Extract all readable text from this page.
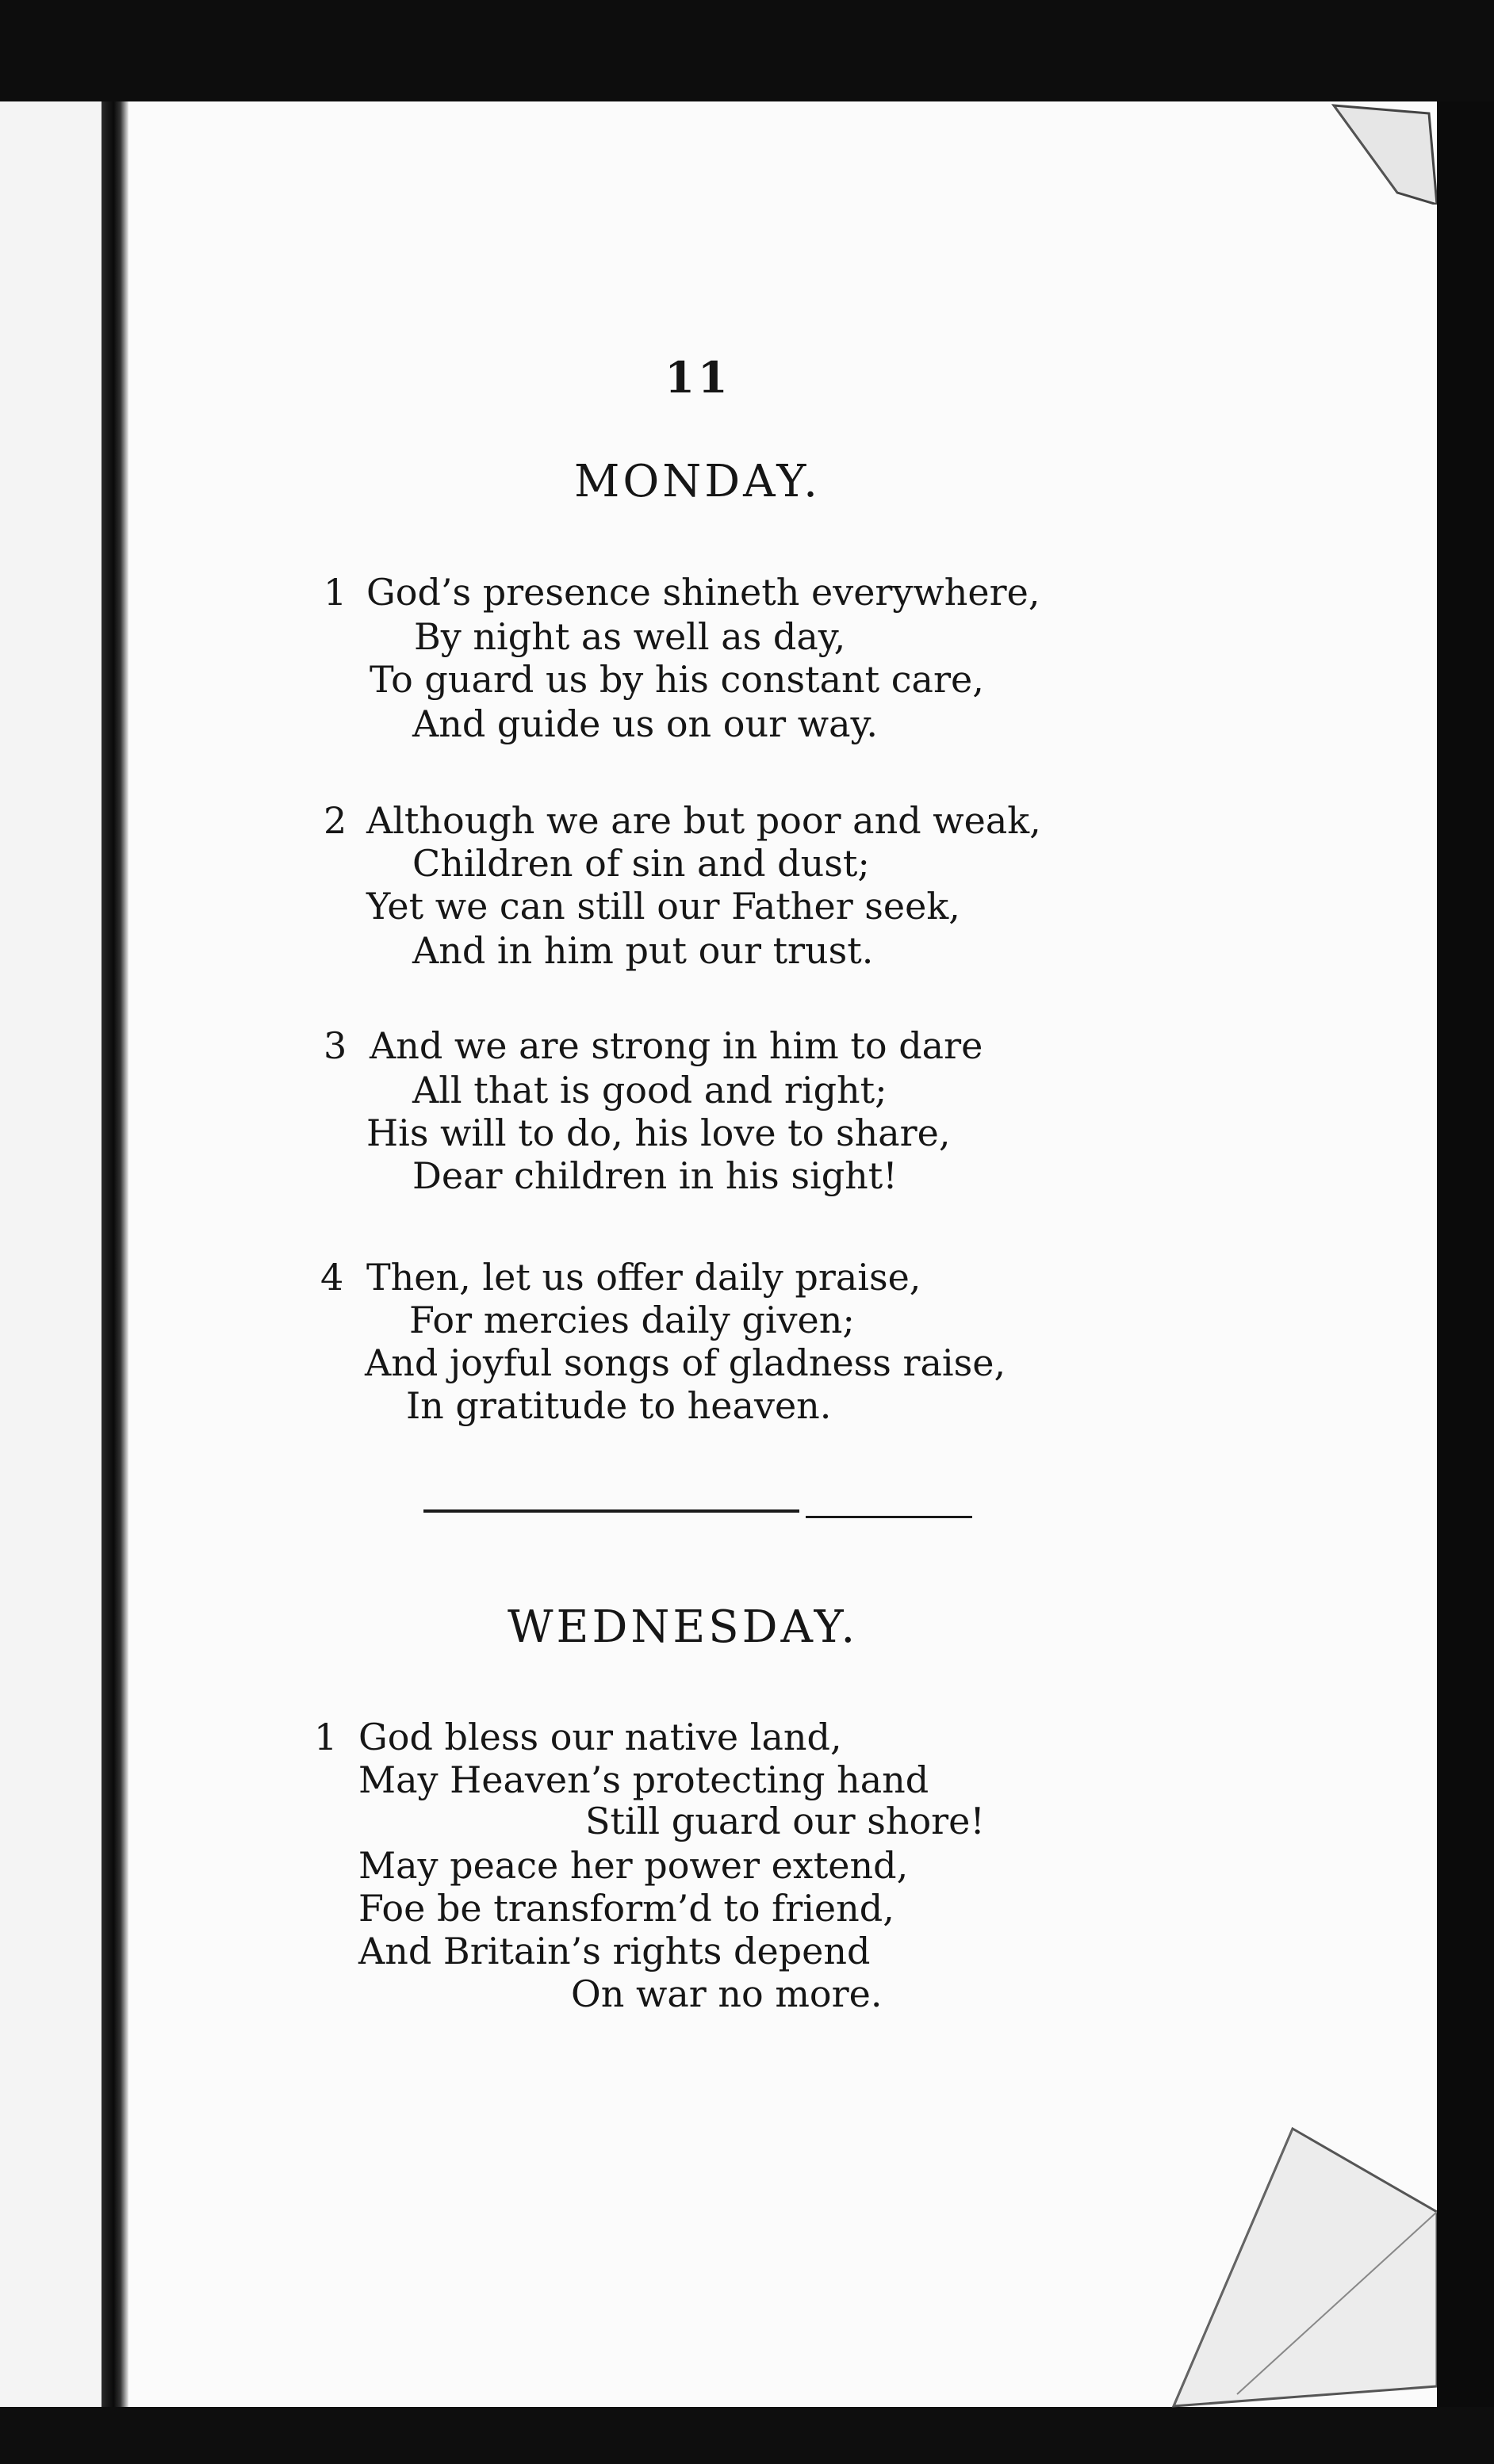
11
MONDAY.
1 God’s presence shineth everywhere,
By night as well as day,
To guard us by his constant care,
And guide us on our way.
2 Although we are but poor and weak,
Children of sin and dust;
Yet we can still our Father seek,
And in him put our trust.
3 And we are strong in him to dare
All that is good and right;
His will to do, his love to share,
Dear children in his sight!
4 Then, let us offer daily praise,
For mercies daily given;
And joyful songs of gladness raise,
In gratitude to heaven.
WEDNESDAY.
1 God bless our native land,
May Heaven’s protecting hand
Still guard our shore!
May peace her power extend,
Foe be transform’d to friend,
And Britain’s rights depend
On war no more.
